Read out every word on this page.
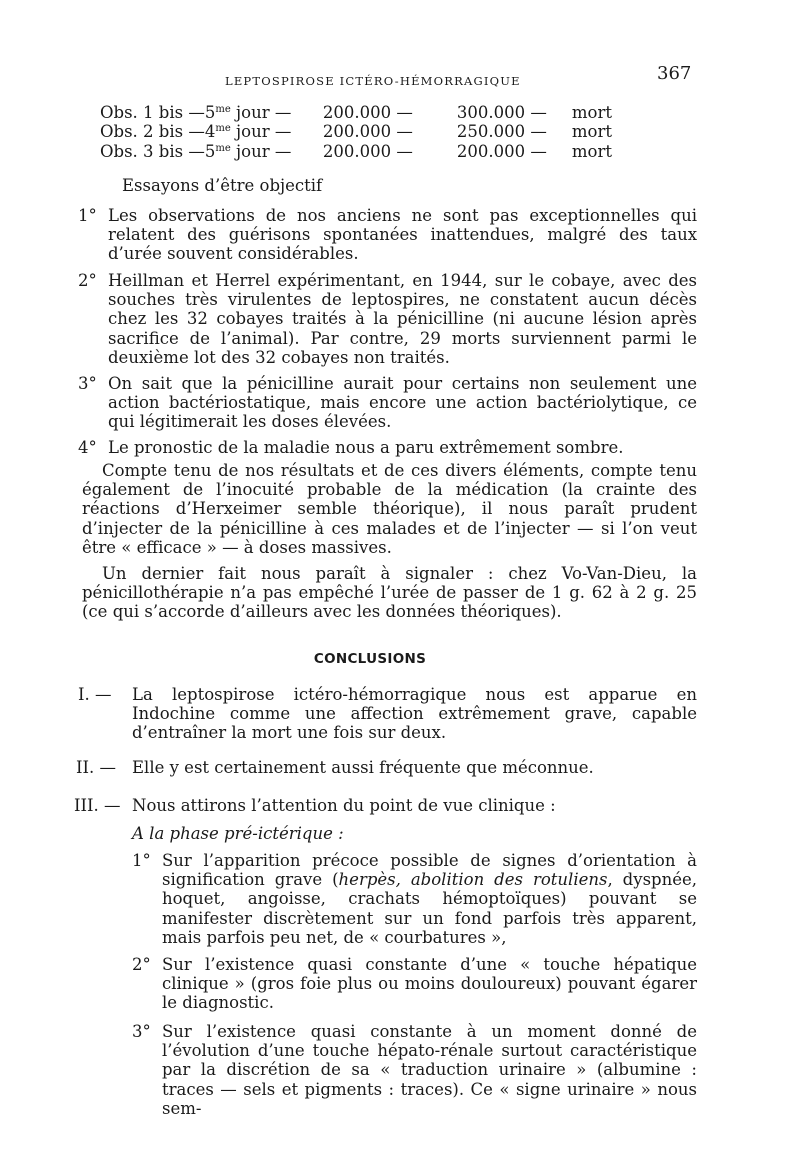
LEPTOSPIROSE ICTÉRO-HÉMORRAGIQUE	367
Obs. 1 bis —	$5^{me}$ jour —	200.000 —	300.000 —	mort
Obs. 2 bis —	$4^{me}$ jour —	200.000 —	250.000 —	mort
Obs. 3 bis —	$5^{me}$ jour —	200.000 —	200.000 —	mort
Essayons d’être objectif
1° Les observations de nos anciens ne sont pas exceptionnelles qui relatent des guérisons spontanées inattendues, malgré des taux d’urée souvent considérables.
2° Heillman et Herrel expérimentant, en 1944, sur le cobaye, avec des souches très virulentes de leptospires, ne constatent aucun décès chez les 32 cobayes traités à la pénicilline (ni aucune lésion après sacrifice de l’animal). Par contre, 29 morts surviennent parmi le deuxième lot des 32 cobayes non traités.
3° On sait que la pénicilline aurait pour certains non seulement une action bactériostatique, mais encore une action bactériolytique, ce qui légitimerait les doses élevées.
4° Le pronostic de la maladie nous a paru extrêmement sombre.
Compte tenu de nos résultats et de ces divers éléments, compte tenu également de l’inocuité probable de la médication (la crainte des réactions d’Herxeimer semble théorique), il nous paraît prudent d’injecter de la pénicilline à ces malades et de l’injecter — si l’on veut être « efficace » — à doses massives.
Un dernier fait nous paraît à signaler : chez Vo-Van-Dieu, la pénicillothérapie n’a pas empêché l’urée de passer de 1 g. 62 à 2 g. 25 (ce qui s’accorde d’ailleurs avec les données théoriques).
CONCLUSIONS
I. — La leptospirose ictéro-hémorragique nous est apparue en Indochine comme une affection extrêmement grave, capable d’entraîner la mort une fois sur deux.
II. — Elle y est certainement aussi fréquente que méconnue.
III. — Nous attirons l’attention du point de vue clinique :
A la phase pré-ictérique :
1° Sur l’apparition précoce possible de signes d’orientation à signification grave (herpès, abolition des rotuliens, dyspnée, hoquet, angoisse, crachats hémoptoïques) pouvant se manifester discrètement sur un fond parfois très apparent, mais parfois peu net, de « courbatures »,
2° Sur l’existence quasi constante d’une « touche hépatique clinique » (gros foie plus ou moins douloureux) pouvant égarer le diagnostic.
3° Sur l’existence quasi constante à un moment donné de l’évolution d’une touche hépato-rénale surtout caractéristique par la discrétion de sa « traduction urinaire » (albumine : traces — sels et pigments : traces). Ce « signe urinaire » nous sem-
